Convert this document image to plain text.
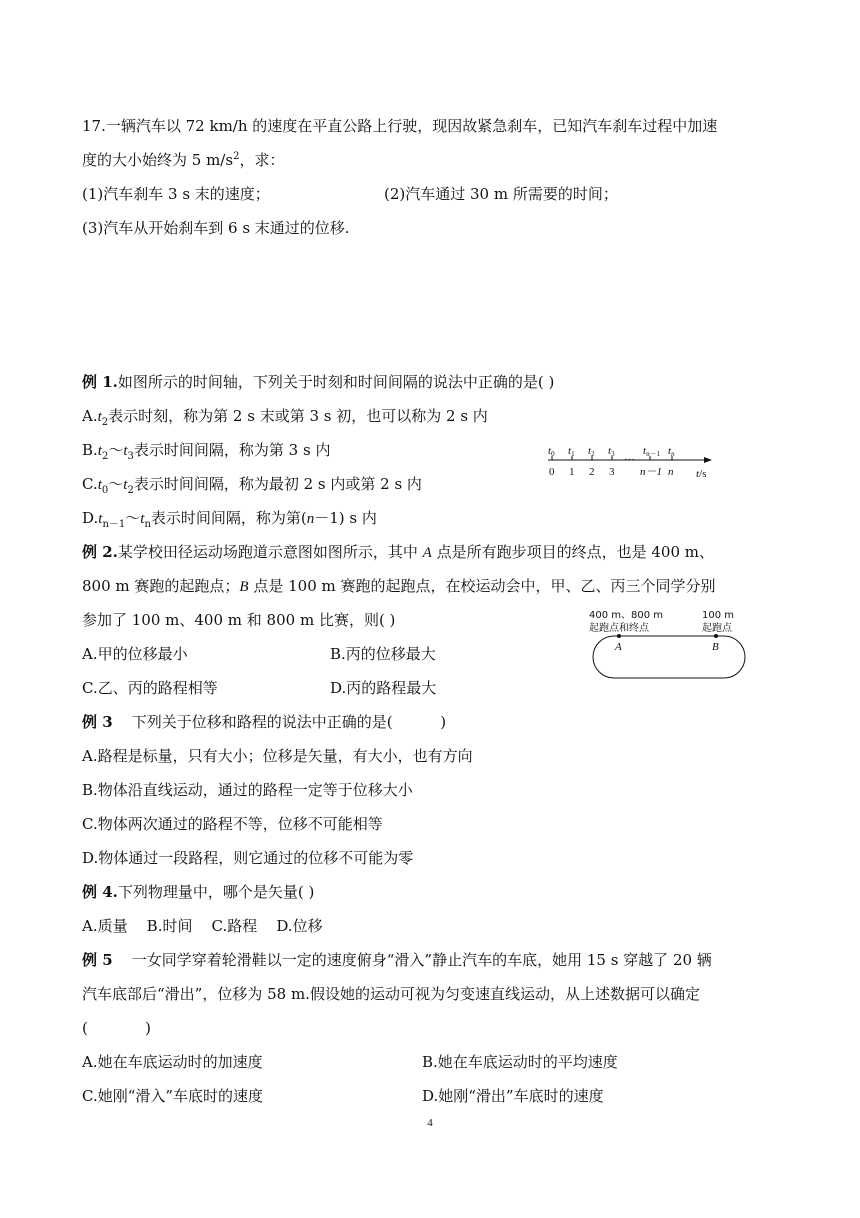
17.一辆汽车以 72 km/h 的速度在平直公路上行驶，现因故紧急刹车，已知汽车刹车过程中加速
度的大小始终为 5 $m/s^2$，求：
(1)汽车刹车 3 s 末的速度；	(2)汽车通过 30 m 所需要的时间；
(3)汽车从开始刹车到 6 s 末通过的位移.
例 1.如图所示的时间轴，下列关于时刻和时间间隔的说法中正确的是( )
$A.t_2$表示时刻，称为第 2 s 末或第 3 s 初，也可以称为 2 s 内
$B.t_2\sim t_3$表示时间间隔，称为第 3 s 内
$C.t_0\sim t_2$表示时间间隔，称为最初 2 s 内或第 2 s 内
$D.t_{n-1}\sim t_n$表示时间间隔，称为第(n－1) s 内
t0 t1 t2 t3	tn－1 tn
···
0 1 2 3 n－1 n t/s
例 2.某学校田径运动场跑道示意图如图所示，其中 A 点是所有跑步项目的终点，也是 400 m、
800 m 赛跑的起跑点；B 点是 100 m 赛跑的起跑点，在校运动会中，甲、乙、丙三个同学分别
参加了 100 m、400 m 和 800 m 比赛，则( )
A.甲的位移最小	B.丙的位移最大
C.乙、丙的路程相等	D.丙的路程最大
400 m、800 m
起跑点和终点
100 m
起跑点
A	B
例 3    下列关于位移和路程的说法中正确的是(          )
A.路程是标量，只有大小；位移是矢量，有大小，也有方向
B.物体沿直线运动，通过的路程一定等于位移大小
C.物体两次通过的路程不等，位移不可能相等
D.物体通过一段路程，则它通过的位移不可能为零
例 4.下列物理量中，哪个是矢量( )
A.质量    B.时间    C.路程    D.位移
例 5    一女同学穿着轮滑鞋以一定的速度俯身“滑入”静止汽车的车底，她用 15 s 穿越了 20 辆
汽车底部后“滑出”，位移为 58 m.假设她的运动可视为匀变速直线运动，从上述数据可以确定
(            )
A.她在车底运动时的加速度	B.她在车底运动时的平均速度
C.她刚“滑入”车底时的速度	D.她刚“滑出”车底时的速度
4
